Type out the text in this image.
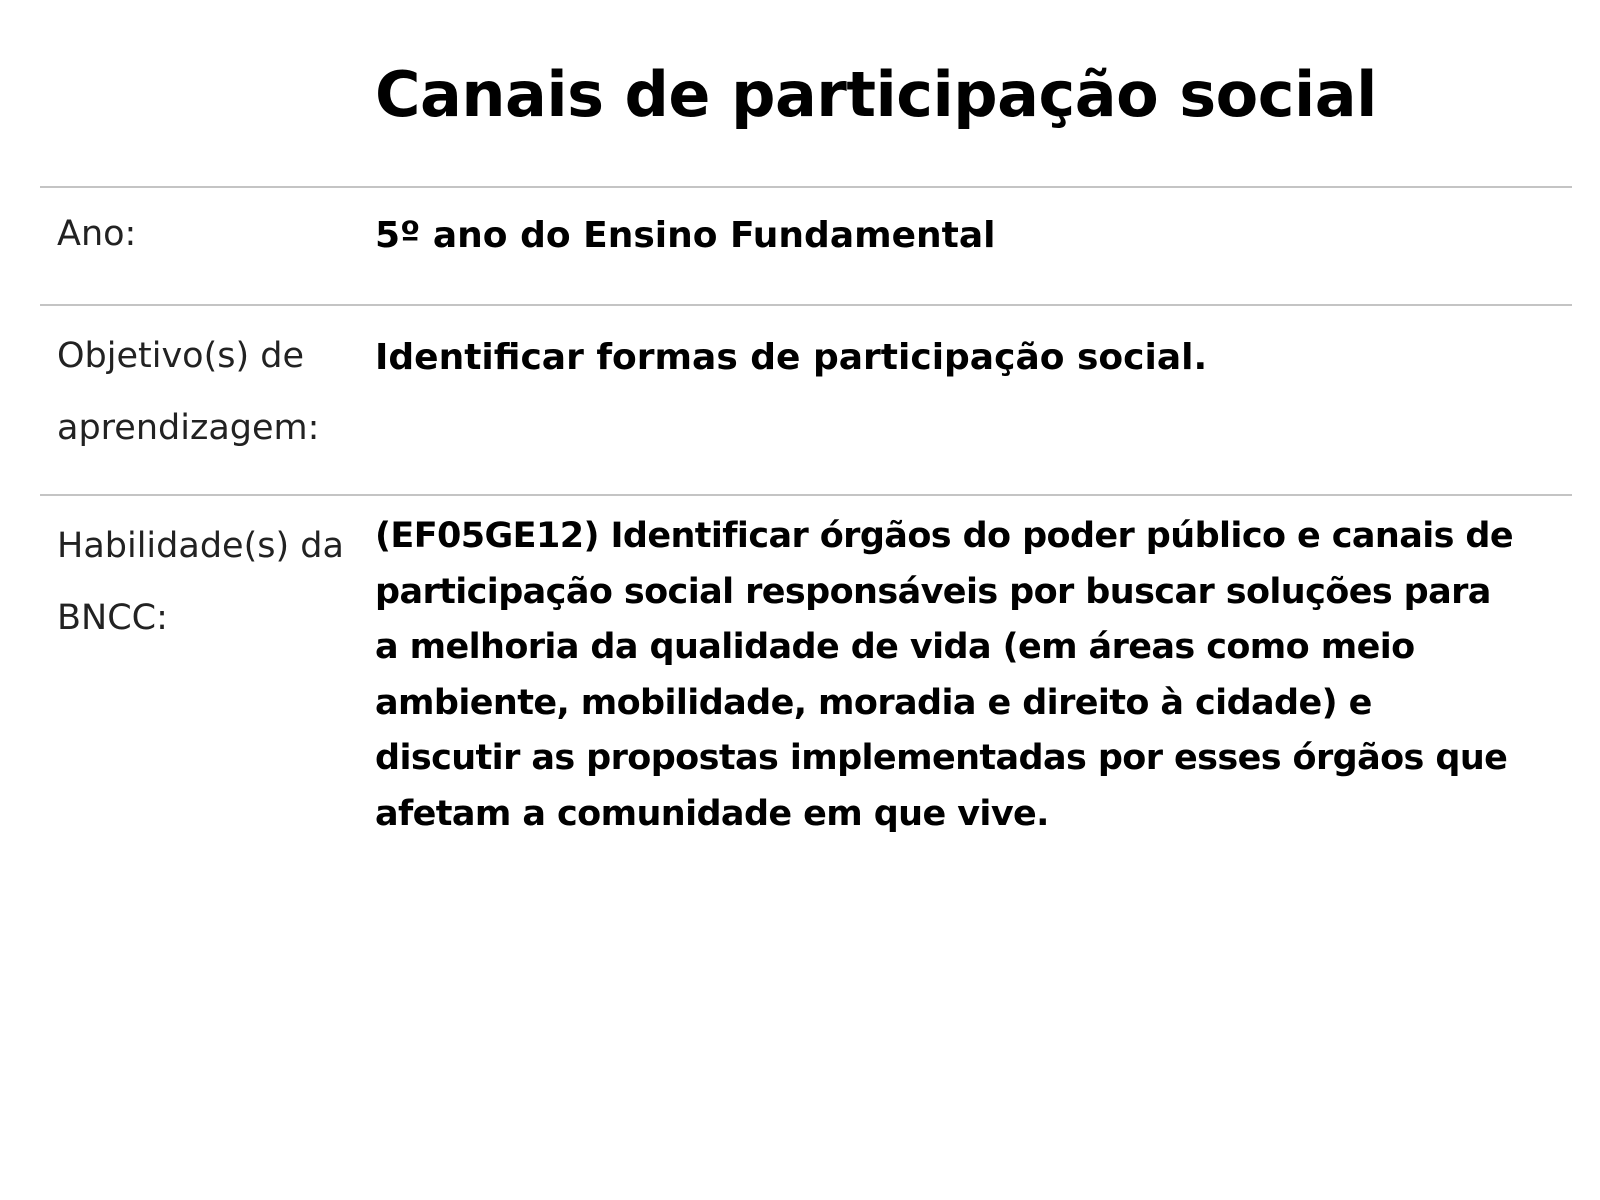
Canais de participação social
Ano:	5º ano do Ensino Fundamental
Objetivo(s) de aprendizagem:
Identificar formas de participação social.
Habilidade(s) da BNCC:
(EF05GE12) Identificar órgãos do poder público e canais de
participação social responsáveis por buscar soluções para
a melhoria da qualidade de vida (em áreas como meio
ambiente, mobilidade, moradia e direito à cidade) e
discutir as propostas implementadas por esses órgãos que
afetam a comunidade em que vive.
